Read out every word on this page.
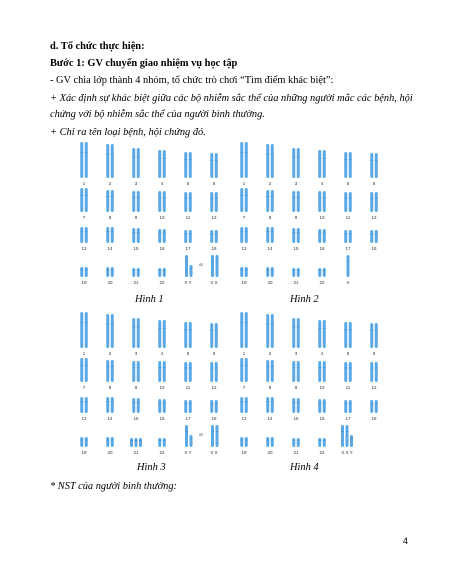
d. Tổ chức thực hiện:
Bước 1: GV chuyển giao nhiệm vụ học tập
- GV chia lớp thành 4 nhóm, tổ chức trò chơi “Tìm điểm khác biệt”:
+ Xác định sự khác biệt giữa các bộ nhiễm sắc thể của những người mắc các bệnh, hội
chứng với bộ nhiễm sắc thể của người bình thường.
+ Chỉ ra tên loại bệnh, hội chứng đó.
1	2	3	4	5	6
7	8	9	10	11	12
13	14	15	16	17	18
19	20	21	22	X Y
or
X X
1	2	3	4	5	6
7	8	9	10	11	12
13	14	15	16	17	18
19	20	21	22	X
Hình 1	Hình 2
1	2	3	4	5	6
7	8	9	10	11	12
13	14	15	16	17	18
19	20	21	22	X Y
or
X X
1	2	3	4	5	6
7	8	9	10	11	12
13	14	15	16	17	18
19	20	21	22	X X Y
Hình 3	Hình 4
* NST của người bình thường:
4
